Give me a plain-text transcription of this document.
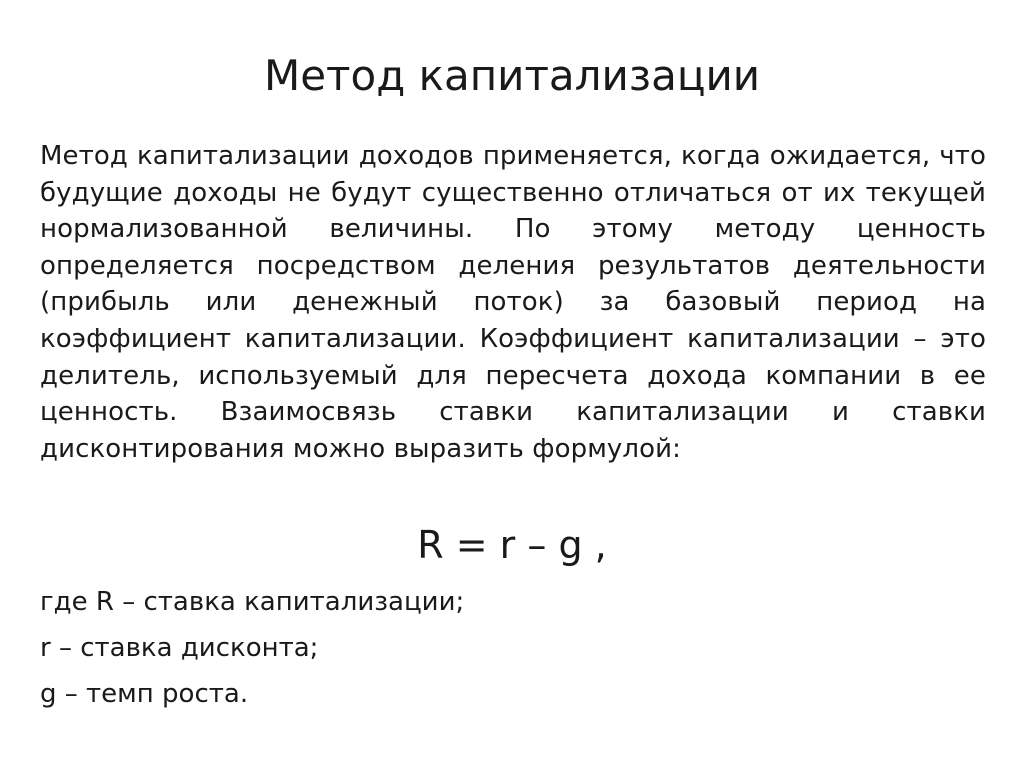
Метод капитализации

Метод капитализации доходов применяется, когда ожидается, что будущие доходы не будут существенно отличаться от их текущей нормализованной величины. По этому методу ценность определяется посредством деления результатов деятельности (прибыль или денежный поток) за базовый период на коэффициент капитализации. Коэффициент капитализации – это делитель, используемый для пересчета дохода компании в ее ценность. Взаимосвязь ставки капитализации и ставки дисконтирования можно выразить формулой:

R = r – g ,

где R – ставка капитализации;
r – ставка дисконта;
g – темп роста.
